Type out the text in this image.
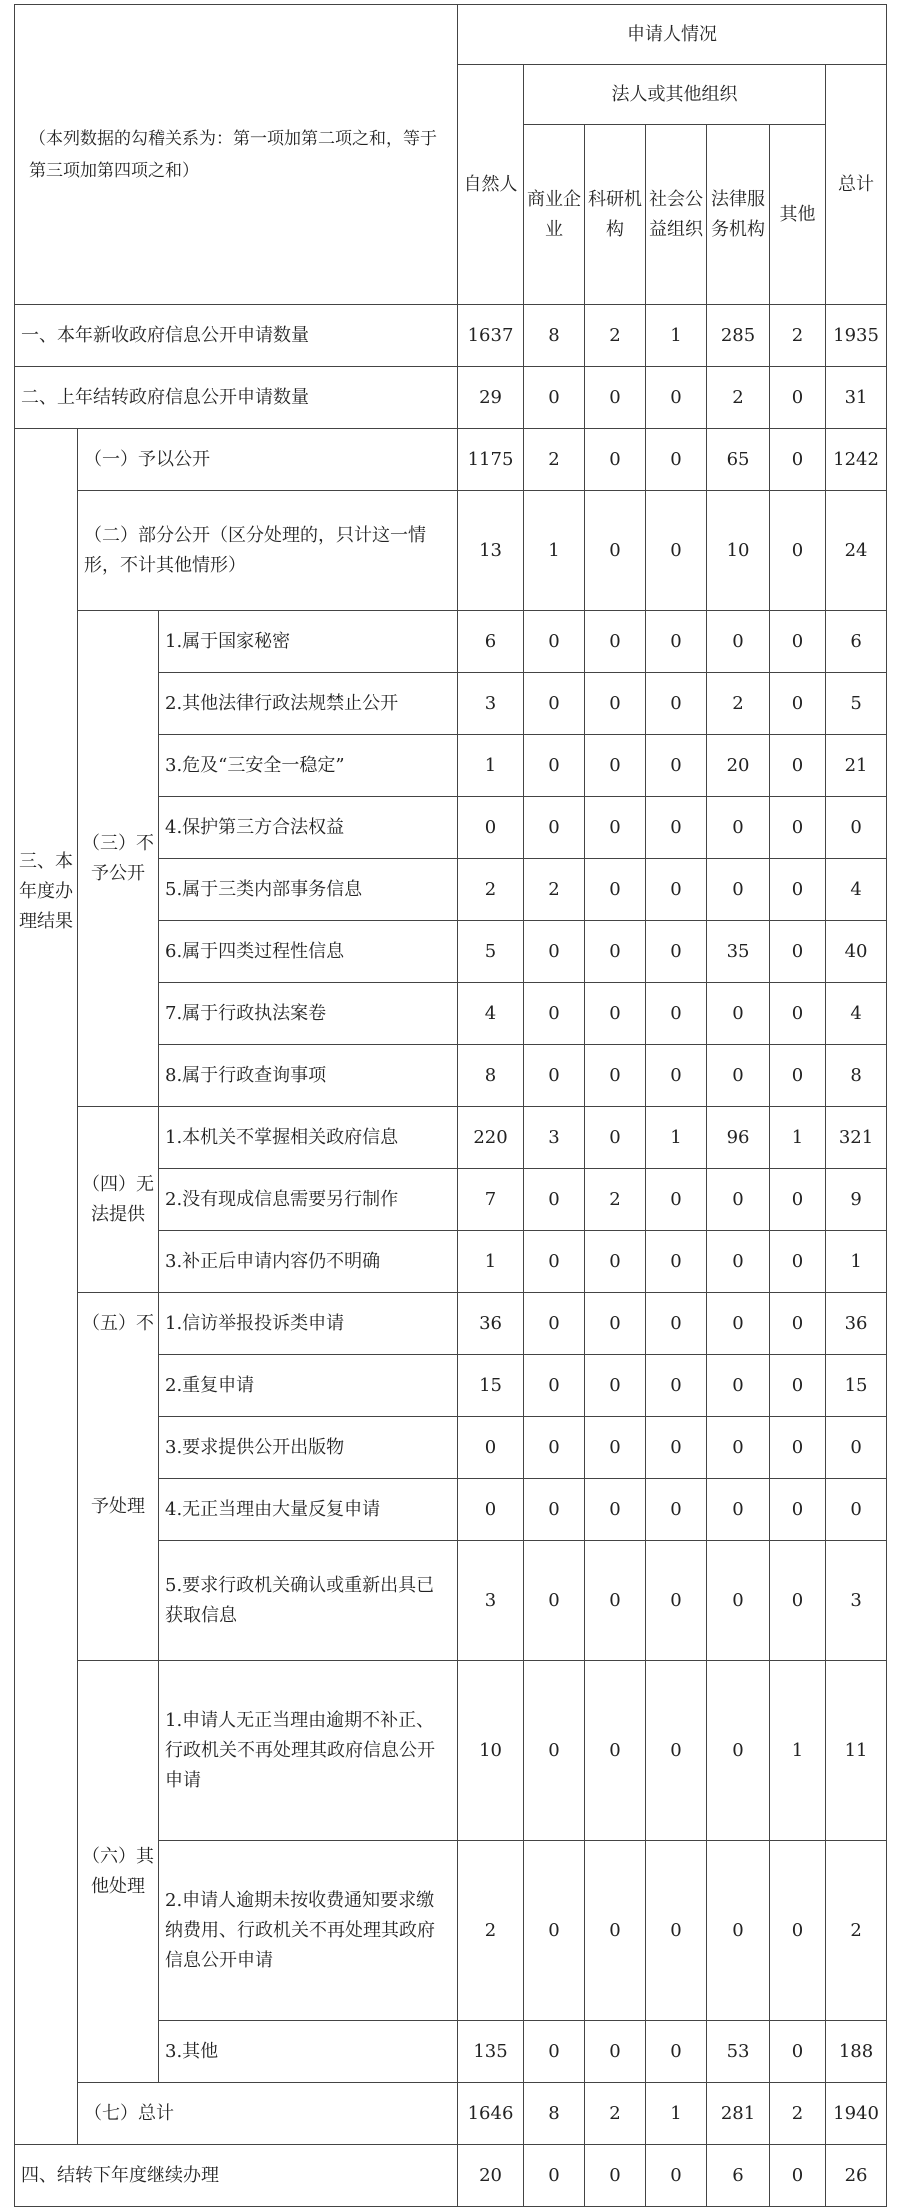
（本列数据的勾稽关系为：第一项加第二项之和，等于第三项加第四项之和）			申请人情况						
			自然人	法人或其他组织					总计
				商业企业	科研机构	社会公益组织	法律服务机构	其他	
一、本年新收政府信息公开申请数量			1637	8	2	1	285	2	1935
二、上年结转政府信息公开申请数量			29	0	0	0	2	0	31
三、本年度办理结果	（一）予以公开		1175	2	0	0	65	0	1242
	（二）部分公开（区分处理的，只计这一情形，不计其他情形）		13	1	0	0	10	0	24
	（三）不予公开	1.属于国家秘密	6	0	0	0	0	0	6
		2.其他法律行政法规禁止公开	3	0	0	0	2	0	5
		3.危及“三安全一稳定”	1	0	0	0	20	0	21
		4.保护第三方合法权益	0	0	0	0	0	0	0
		5.属于三类内部事务信息	2	2	0	0	0	0	4
		6.属于四类过程性信息	5	0	0	0	35	0	40
		7.属于行政执法案卷	4	0	0	0	0	0	4
		8.属于行政查询事项	8	0	0	0	0	0	8
	（四）无法提供	1.本机关不掌握相关政府信息	220	3	0	1	96	1	321
		2.没有现成信息需要另行制作	7	0	2	0	0	0	9
		3.补正后申请内容仍不明确	1	0	0	0	0	0	1
	（五）不	1.信访举报投诉类申请	36	0	0	0	0	0	36
	予处理	2.重复申请	15	0	0	0	0	0	15
		3.要求提供公开出版物	0	0	0	0	0	0	0
		4.无正当理由大量反复申请	0	0	0	0	0	0	0
		5.要求行政机关确认或重新出具已获取信息	3	0	0	0	0	0	3
	（六）其他处理	1.申请人无正当理由逾期不补正、行政机关不再处理其政府信息公开申请	10	0	0	0	0	1	11
		2.申请人逾期未按收费通知要求缴纳费用、行政机关不再处理其政府信息公开申请	2	0	0	0	0	0	2
		3.其他	135	0	0	0	53	0	188
	（七）总计		1646	8	2	1	281	2	1940
四、结转下年度继续办理			20	0	0	0	6	0	26
